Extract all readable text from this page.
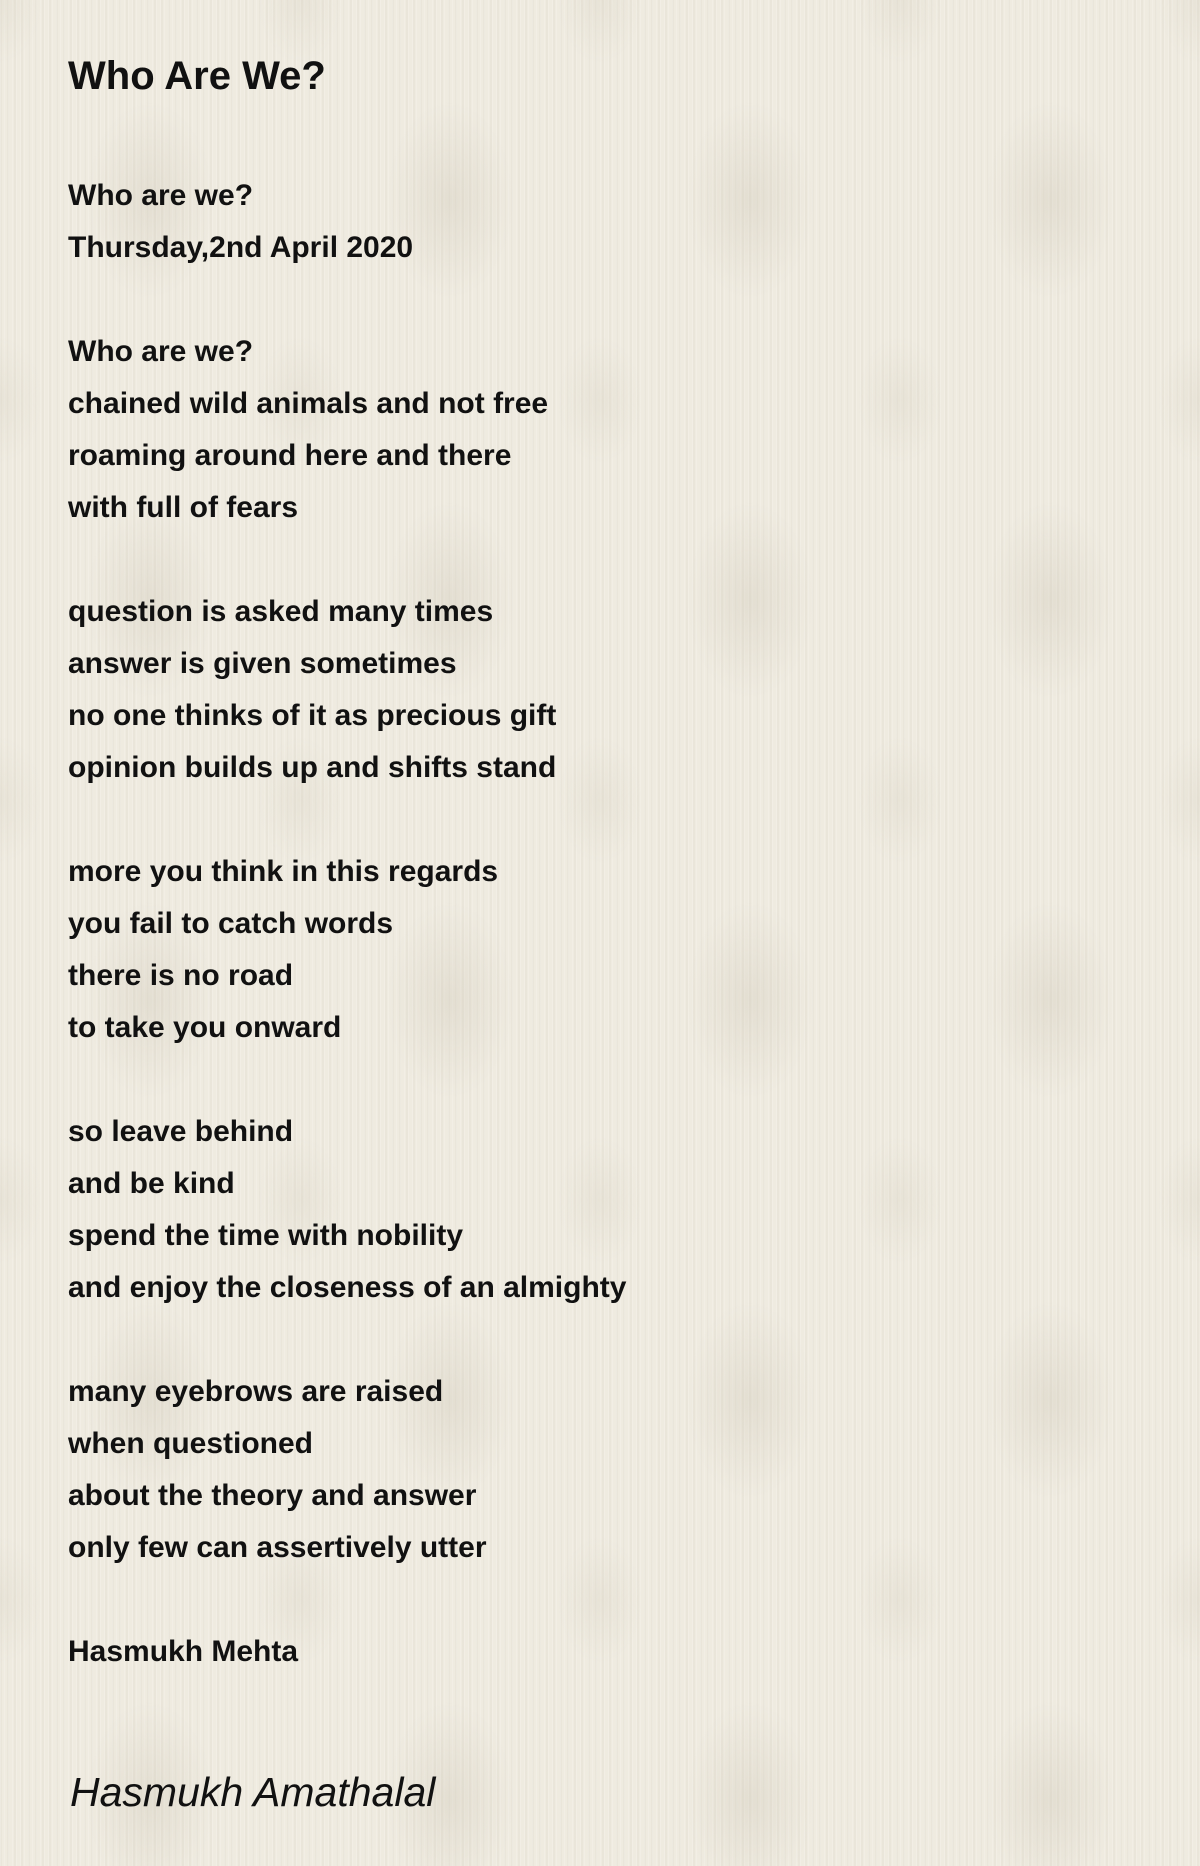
Who Are We?
Who are we?
Thursday,2nd April 2020
Who are we?
chained wild animals and not free
roaming around here and there
with full of fears
question is asked many times
answer is given sometimes
no one thinks of it as precious gift
opinion builds up and shifts stand
more you think in this regards
you fail to catch words
there is no road
to take you onward
so leave behind
and be kind
spend the time with nobility
and enjoy the closeness of an almighty
many eyebrows are raised
when questioned
about the theory and answer
only few can assertively utter
Hasmukh Mehta
Hasmukh Amathalal
